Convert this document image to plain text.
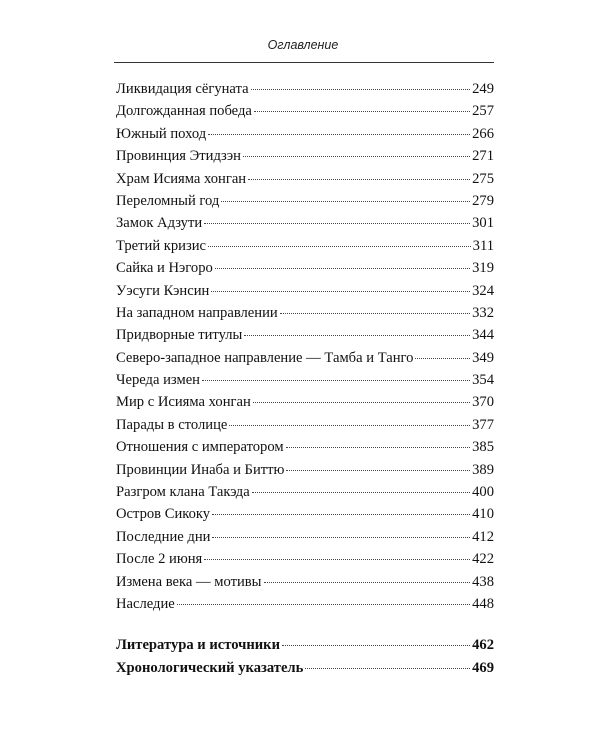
Оглавление
Ликвидация сёгуната	249
Долгожданная победа	257
Южный поход	266
Провинция Этидзэн	271
Храм Исияма хонган	275
Переломный год	279
Замок Адзути	301
Третий кризис	311
Сайка и Нэгоро	319
Уэсуги Кэнсин	324
На западном направлении	332
Придворные титулы	344
Северо-западное направление — Тамба и Танго	349
Череда измен	354
Мир с Исияма хонган	370
Парады в столице	377
Отношения с императором	385
Провинции Инаба и Биттю	389
Разгром клана Такэда	400
Остров Сикоку	410
Последние дни	412
После 2 июня	422
Измена века — мотивы	438
Наследие	448
Литература и источники	462
Хронологический указатель	469
